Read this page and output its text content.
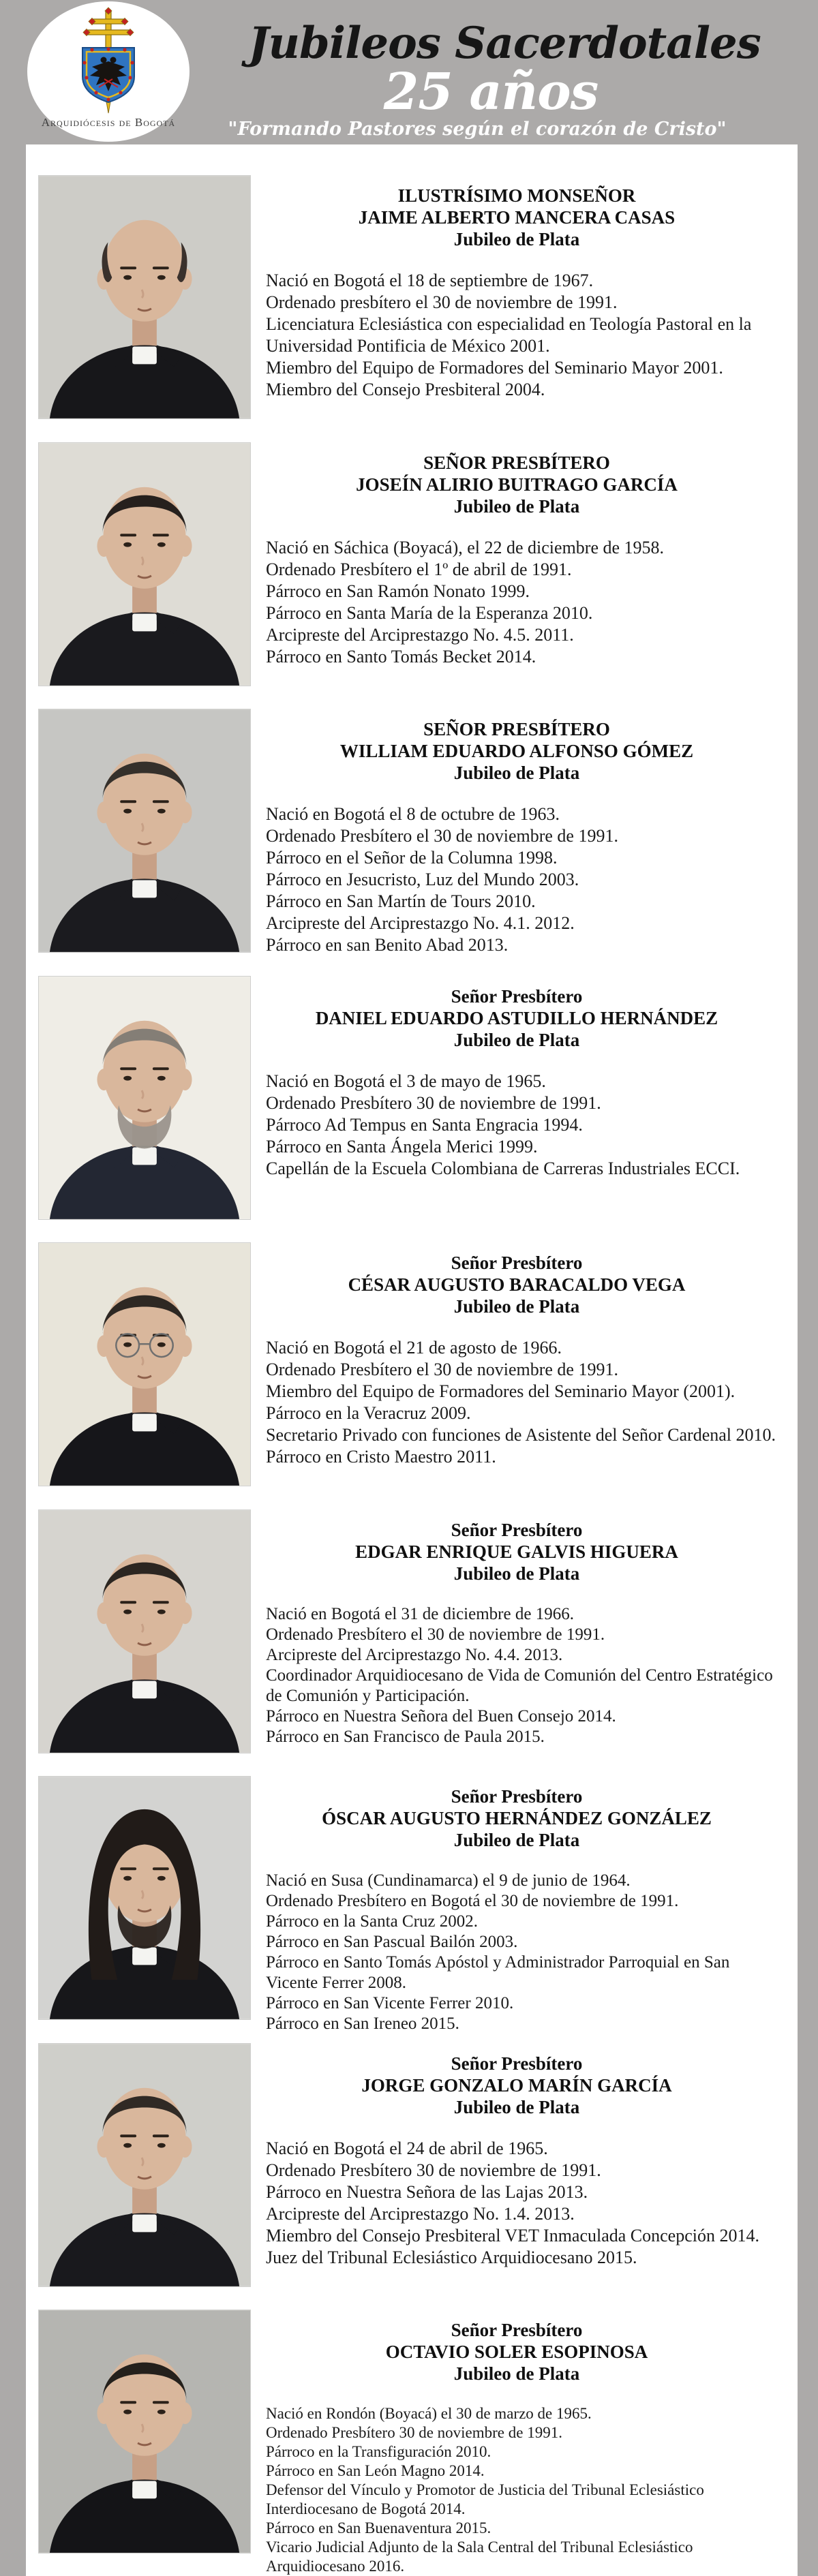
Arquidiócesis de Bogotá
Jubileos Sacerdotales
25 años
"Formando Pastores según el corazón de Cristo"
ILUSTRÍSIMO MONSEÑOR
JAIME ALBERTO MANCERA CASAS
Jubileo de Plata
Nació en Bogotá el 18 de septiembre de 1967.
Ordenado presbítero el 30 de noviembre de 1991.
Licenciatura Eclesiástica con especialidad en Teología Pastoral en la Universidad Pontificia de México 2001.
Miembro del Equipo de Formadores del Seminario Mayor 2001.
Miembro del Consejo Presbiteral 2004.
SEÑOR PRESBÍTERO
JOSEÍN ALIRIO BUITRAGO GARCÍA
Jubileo de Plata
Nació en Sáchica (Boyacá), el 22 de diciembre de 1958.
Ordenado Presbítero el 1º de abril de 1991.
Párroco en San Ramón Nonato 1999.
Párroco en Santa María de la Esperanza 2010.
Arcipreste del Arciprestazgo No. 4.5. 2011.
Párroco en Santo Tomás Becket 2014.
SEÑOR PRESBÍTERO
WILLIAM EDUARDO ALFONSO GÓMEZ
Jubileo de Plata
Nació en Bogotá el 8 de octubre de 1963.
Ordenado Presbítero el 30 de noviembre de 1991.
Párroco en el Señor de la Columna 1998.
Párroco en Jesucristo, Luz del Mundo 2003.
Párroco en San Martín de Tours 2010.
Arcipreste del Arciprestazgo No. 4.1. 2012.
Párroco en san Benito Abad 2013.
Señor Presbítero
DANIEL EDUARDO ASTUDILLO HERNÁNDEZ
Jubileo de Plata
Nació en Bogotá el 3 de mayo de 1965.
Ordenado Presbítero 30 de noviembre de 1991.
Párroco Ad Tempus en Santa Engracia 1994.
Párroco en Santa Ángela Merici 1999.
Capellán de la Escuela Colombiana de Carreras Industriales ECCI.
Señor Presbítero
CÉSAR AUGUSTO BARACALDO VEGA
Jubileo de Plata
Nació en Bogotá el 21 de agosto de 1966.
Ordenado Presbítero el 30 de noviembre de 1991.
Miembro del Equipo de Formadores del Seminario Mayor (2001).
Párroco en la Veracruz 2009.
Secretario Privado con funciones de Asistente del Señor Cardenal 2010.
Párroco en Cristo Maestro 2011.
Señor Presbítero
EDGAR ENRIQUE GALVIS HIGUERA
Jubileo de Plata
Nació en Bogotá el 31 de diciembre de 1966.
Ordenado Presbítero el 30 de noviembre de 1991.
Arcipreste del Arciprestazgo No. 4.4. 2013.
Coordinador Arquidiocesano de Vida de Comunión del Centro Estratégico de Comunión y Participación.
Párroco en Nuestra Señora del Buen Consejo 2014.
Párroco en San Francisco de Paula 2015.
Señor Presbítero
ÓSCAR AUGUSTO HERNÁNDEZ GONZÁLEZ
Jubileo de Plata
Nació en Susa (Cundinamarca) el 9 de junio de 1964.
Ordenado Presbítero en Bogotá el 30 de noviembre de 1991.
Párroco en la Santa Cruz 2002.
Párroco en San Pascual Bailón 2003.
Párroco en Santo Tomás Apóstol y Administrador Parroquial en San Vicente Ferrer 2008.
Párroco en San Vicente Ferrer 2010.
Párroco en San Ireneo 2015.
Señor Presbítero
JORGE GONZALO MARÍN GARCÍA
Jubileo de Plata
Nació en Bogotá el 24 de abril de 1965.
Ordenado Presbítero 30 de noviembre de 1991.
Párroco en Nuestra Señora de las Lajas 2013.
Arcipreste del Arciprestazgo No. 1.4. 2013.
Miembro del Consejo Presbiteral VET Inmaculada Concepción 2014.
Juez del Tribunal Eclesiástico Arquidiocesano 2015.
Señor Presbítero
OCTAVIO SOLER ESOPINOSA
Jubileo de Plata
Nació en Rondón (Boyacá) el 30 de marzo de 1965.
Ordenado Presbítero 30 de noviembre de 1991.
Párroco en la Transfiguración 2010.
Párroco en San León Magno 2014.
Defensor del Vínculo y Promotor de Justicia del Tribunal Eclesiástico Interdiocesano de Bogotá 2014.
Párroco en San Buenaventura 2015.
Vicario Judicial Adjunto de la Sala Central del Tribunal Eclesiástico Arquidiocesano 2016.
